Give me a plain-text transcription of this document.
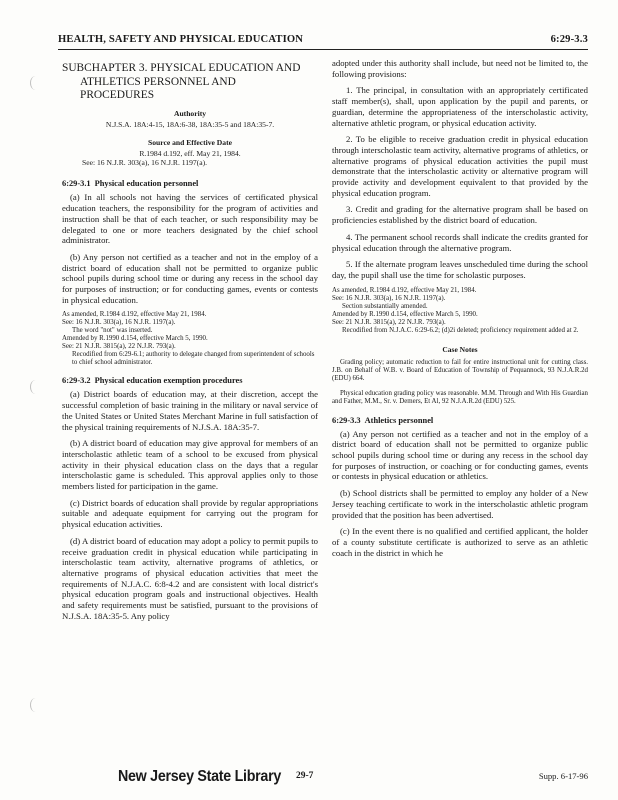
HEALTH, SAFETY AND PHYSICAL EDUCATION	6:29-3.3
SUBCHAPTER 3. PHYSICAL EDUCATION AND
ATHLETICS PERSONNEL AND
PROCEDURES
Authority

N.J.S.A. 18A:4-15, 18A:6-38, 18A:35-5 and 18A:35-7.

Source and Effective Date

R.1984 d.192, eff. May 21, 1984.

See: 16 N.J.R. 303(a), 16 N.J.R. 1197(a).

6:29-3.1 Physical education personnel

(a) In all schools not having the services of certificated physical education teachers, the responsibility for the program of activities and instruction shall be that of each teacher, or such responsibility may be delegated to one or more teachers designated by the chief school administrator.

(b) Any person not certified as a teacher and not in the employ of a district board of education shall not be permitted to organize public school pupils during school time or during any recess in the school day for purposes of instruction; or for conducting games, events or contests in physical education.

As amended, R.1984 d.192, effective May 21, 1984.
See: 16 N.J.R. 303(a), 16 N.J.R. 1197(a).
The word "not" was inserted.
Amended by R.1990 d.154, effective March 5, 1990.
See: 21 N.J.R. 3815(a), 22 N.J.R. 793(a).
Recodified from 6:29-6.1; authority to delegate changed from superintendent of schools to chief school administrator.
6:29-3.2 Physical education exemption procedures

(a) District boards of education may, at their discretion, accept the successful completion of basic training in the military or naval service of the United States or United States Merchant Marine in full satisfaction of the physical training requirements of N.J.S.A. 18A:35-7.

(b) A district board of education may give approval for members of an interscholastic athletic team of a school to be excused from physical activity in their physical education class on the days that a regular interscholastic game is scheduled. This approval applies only to those members listed for participation in the game.

(c) District boards of education shall provide by regular appropriations suitable and adequate equipment for carrying out the program for physical education activities.

(d) A district board of education may adopt a policy to permit pupils to receive graduation credit in physical education while participating in interscholastic team activity, alternative programs of athletics, or alternative programs of physical education activities that meet the requirements of N.J.A.C. 6:8-4.2 and are consistent with local district's physical education program goals and instructional objectives. Health and safety requirements must be satisfied, pursuant to the provisions of N.J.S.A. 18A:35-5. Any policy

adopted under this authority shall include, but need not be limited to, the following provisions:

1. The principal, in consultation with an appropriately certificated staff member(s), shall, upon application by the pupil and parents, or guardian, determine the appropriateness of the interscholastic activity, alternative athletic program, or physical education activity.

2. To be eligible to receive graduation credit in physical education through interscholastic team activity, alternative programs of athletics, or alternative programs of physical education activities the pupil must demonstrate that the interscholastic activity or alternative program will provide activity and development equivalent to that provided by the physical education program.

3. Credit and grading for the alternative program shall be based on proficiencies established by the district board of education.

4. The permanent school records shall indicate the credits granted for physical education through the alternative program.

5. If the alternate program leaves unscheduled time during the school day, the pupil shall use the time for scholastic purposes.

As amended, R.1984 d.192, effective May 21, 1984.
See: 16 N.J.R. 303(a), 16 N.J.R. 1197(a).
Section substantially amended.
Amended by R.1990 d.154, effective March 5, 1990.
See: 21 N.J.R. 3815(a), 22 N.J.R. 793(a).
Recodified from N.J.A.C. 6:29-6.2; (d)2i deleted; proficiency requirement added at 2.
Case Notes

Grading policy; automatic reduction to fail for entire instructional unit for cutting class. J.B. on Behalf of W.B. v. Board of Education of Township of Pequannock, 93 N.J.A.R.2d (EDU) 664.

Physical education grading policy was reasonable. M.M. Through and With His Guardian and Father, M.M., Sr. v. Demers, Et Al, 92 N.J.A.R.2d (EDU) 525.

6:29-3.3 Athletics personnel

(a) Any person not certified as a teacher and not in the employ of a district board of education shall not be permitted to organize public school pupils during school time or during any recess in the school day for purposes of instruction, or coaching or for conducting games, events or contests in physical education or athletics.

(b) School districts shall be permitted to employ any holder of a New Jersey teaching certificate to work in the interscholastic athletic program provided that the position has been advertised.

(c) In the event there is no qualified and certified applicant, the holder of a county substitute certificate is authorized to serve as an athletic coach in the district in which he

New Jersey State Library 29-7	Supp. 6-17-96
